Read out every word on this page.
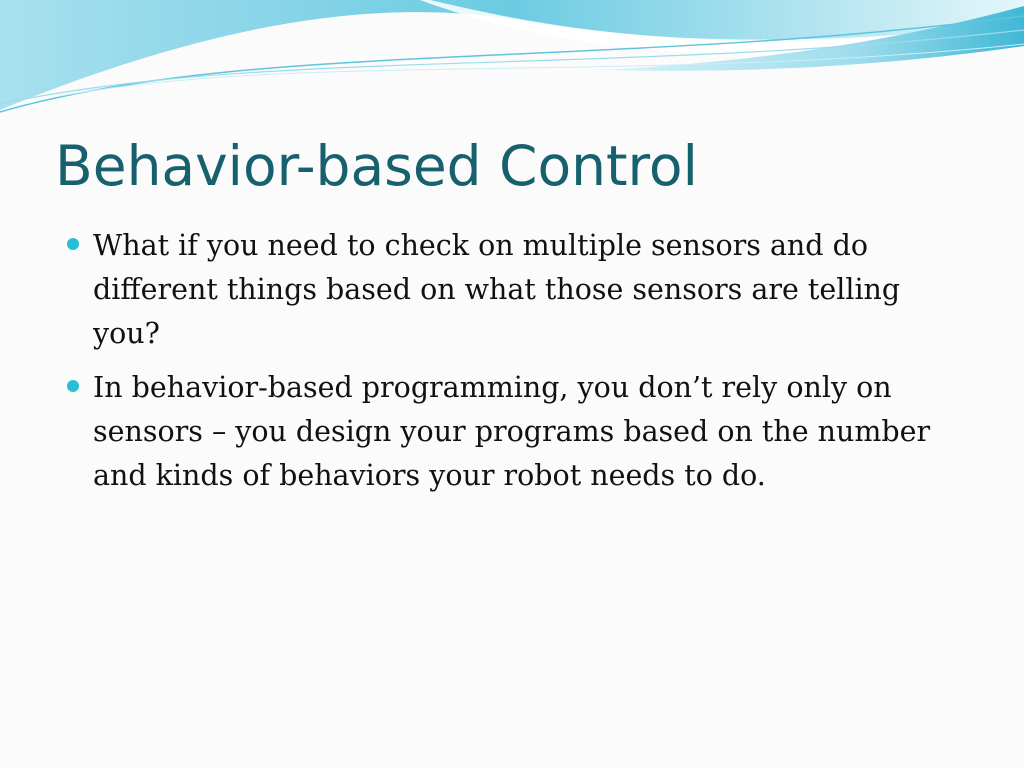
Behavior-based Control
What if you need to check on multiple sensors and do different things based on what those sensors are telling you?
In behavior-based programming, you don’t rely only on sensors – you design your programs based on the number and kinds of behaviors your robot needs to do.
